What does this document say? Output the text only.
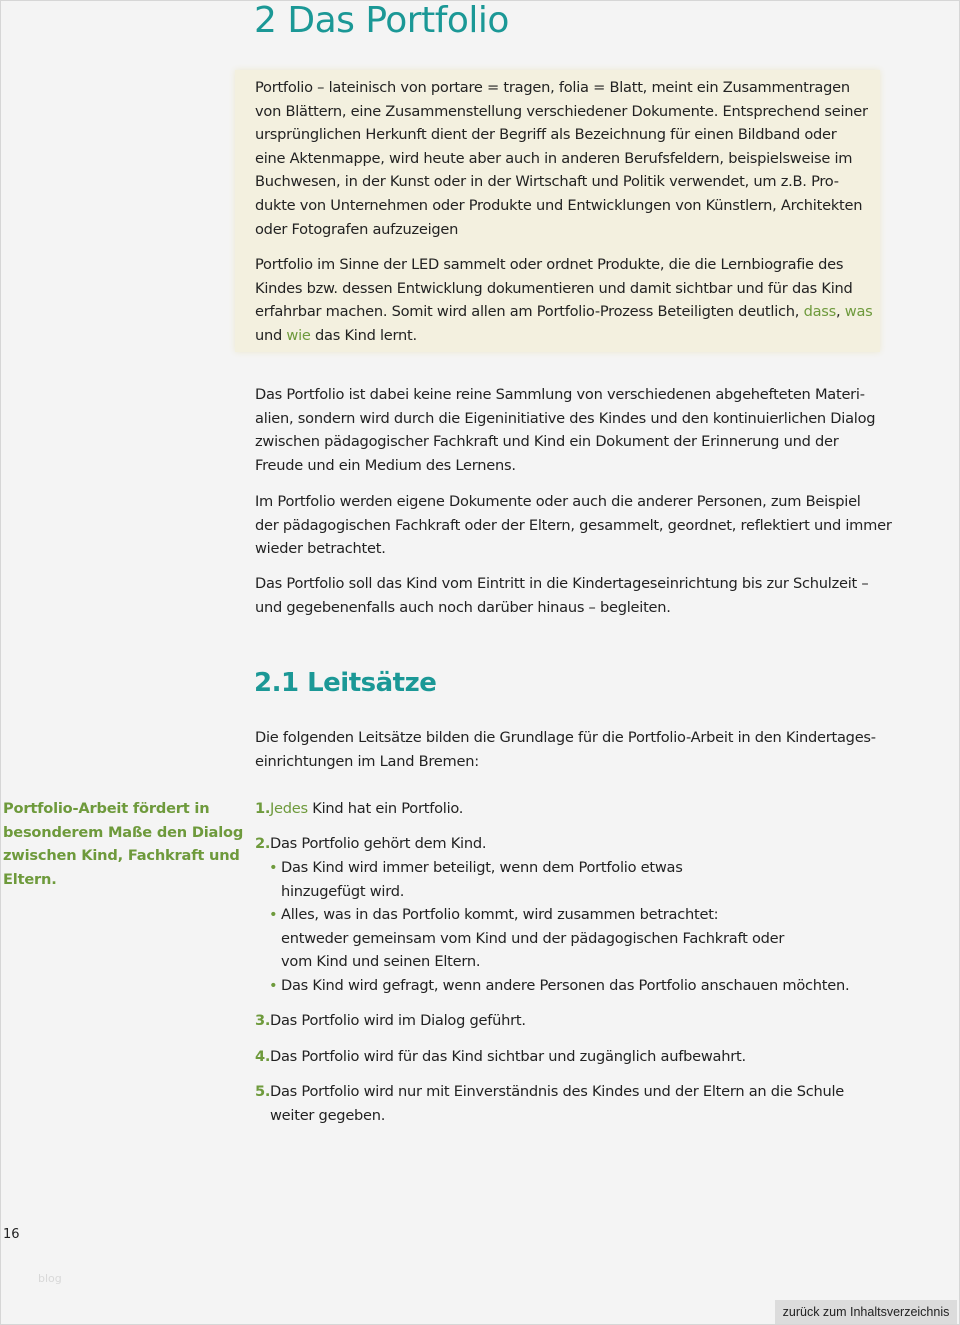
2 Das Portfolio
Portfolio – lateinisch von portare = tragen, folia = Blatt, meint ein Zusammentragen
von Blättern, eine Zusammenstellung verschiedener Dokumente. Entsprechend seiner
ursprünglichen Herkunft dient der Begriff als Bezeichnung für einen Bildband oder
eine Aktenmappe, wird heute aber auch in anderen Berufsfeldern, beispielsweise im
Buchwesen, in der Kunst oder in der Wirtschaft und Politik verwendet, um z.B. Pro-
dukte von Unternehmen oder Produkte und Entwicklungen von Künstlern, Architekten
oder Fotografen aufzuzeigen
Portfolio im Sinne der LED sammelt oder ordnet Produkte, die die Lernbiografie des
Kindes bzw. dessen Entwicklung dokumentieren und damit sichtbar und für das Kind
erfahrbar machen. Somit wird allen am Portfolio-Prozess Beteiligten deutlich, dass, was
und wie das Kind lernt.
Das Portfolio ist dabei keine reine Sammlung von verschiedenen abgehefteten Materi-
alien, sondern wird durch die Eigeninitiative des Kindes und den kontinuierlichen Dialog
zwischen pädagogischer Fachkraft und Kind ein Dokument der Erinnerung und der
Freude und ein Medium des Lernens.
Im Portfolio werden eigene Dokumente oder auch die anderer Personen, zum Beispiel
der pädagogischen Fachkraft oder der Eltern, gesammelt, geordnet, reflektiert und immer
wieder betrachtet.
Das Portfolio soll das Kind vom Eintritt in die Kindertageseinrichtung bis zur Schulzeit –
und gegebenenfalls auch noch darüber hinaus – begleiten.
2.1 Leitsätze
Die folgenden Leitsätze bilden die Grundlage für die Portfolio-Arbeit in den Kindertages-
einrichtungen im Land Bremen:
Portfolio-Arbeit fördert in
besonderem Maße den Dialog
zwischen Kind, Fachkraft und
Eltern.
1.Jedes Kind hat ein Portfolio.
2.Das Portfolio gehört dem Kind.
• Das Kind wird immer beteiligt, wenn dem Portfolio etwas
hinzugefügt wird.
• Alles, was in das Portfolio kommt, wird zusammen betrachtet:
entweder gemeinsam vom Kind und der pädagogischen Fachkraft oder
vom Kind und seinen Eltern.
• Das Kind wird gefragt, wenn andere Personen das Portfolio anschauen möchten.
3.Das Portfolio wird im Dialog geführt.
4.Das Portfolio wird für das Kind sichtbar und zugänglich aufbewahrt.
5.Das Portfolio wird nur mit Einverständnis des Kindes und der Eltern an die Schule
weiter gegeben.
16
blog
zurück zum Inhaltsverzeichnis
